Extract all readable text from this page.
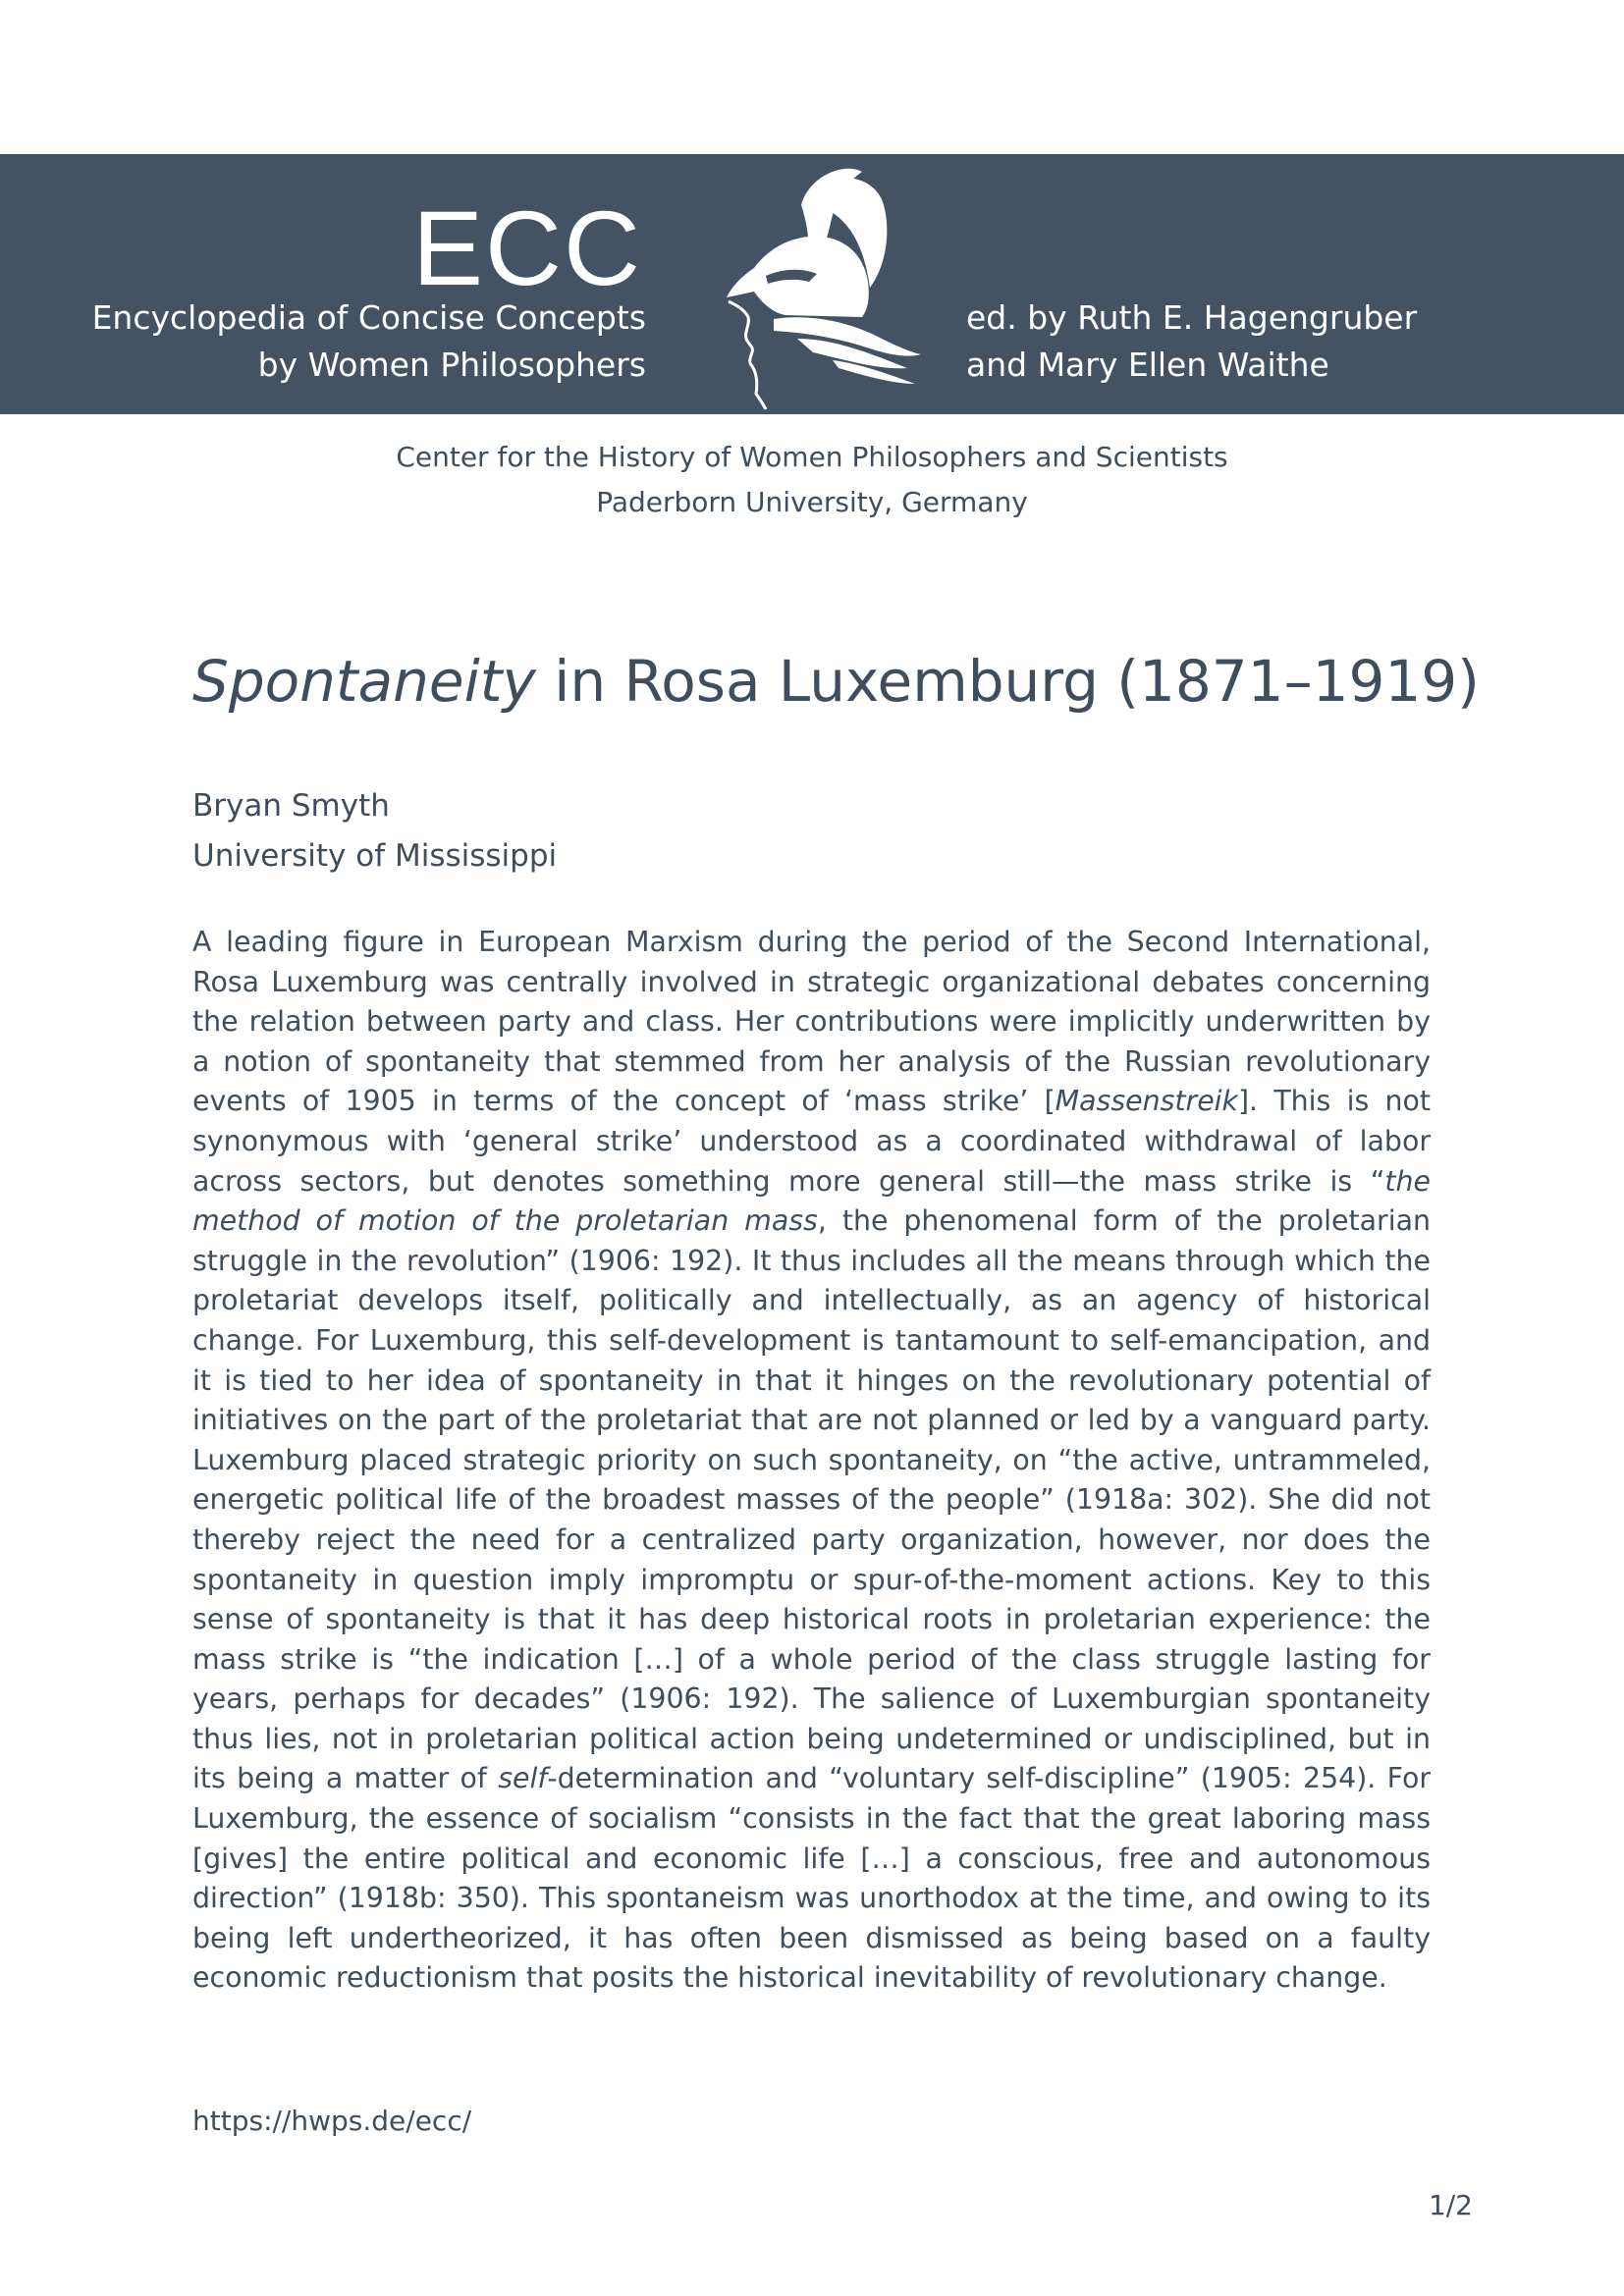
ECC
Encyclopedia of Concise Concepts
by Women Philosophers
ed. by Ruth E. Hagengruber
and Mary Ellen Waithe
Center for the History of Women Philosophers and Scientists
Paderborn University, Germany
Spontaneity in Rosa Luxemburg (1871–1919)
Bryan Smyth
University of Mississippi

A leading figure in European Marxism during the period of the Second International, Rosa Luxemburg was centrally involved in strategic organizational debates concerning the relation between party and class. Her contributions were implicitly underwritten by a notion of spontaneity that stemmed from her analysis of the Russian revolutionary events of 1905 in terms of the concept of ‘mass strike’ [Massenstreik]. This is not synonymous with ‘general strike’ understood as a coordinated withdrawal of labor across sectors, but denotes something more general still—the mass strike is “the method of motion of the proletarian mass, the phenomenal form of the proletarian struggle in the revolution” (1906: 192). It thus includes all the means through which the proletariat develops itself, politically and intellectually, as an agency of historical change. For Luxemburg, this self-development is tantamount to self-emancipation, and it is tied to her idea of spontaneity in that it hinges on the revolutionary potential of initiatives on the part of the proletariat that are not planned or led by a vanguard party. Luxemburg placed strategic priority on such spontaneity, on “the active, untrammeled, energetic political life of the broadest masses of the people” (1918a: 302). She did not thereby reject the need for a centralized party organization, however, nor does the spontaneity in question imply impromptu or spur-of-the-moment actions. Key to this sense of spontaneity is that it has deep historical roots in proletarian experience: the mass strike is “the indication […] of a whole period of the class struggle lasting for years, perhaps for decades” (1906: 192). The salience of Luxemburgian spontaneity thus lies, not in proletarian political action being undetermined or undisciplined, but in its being a matter of self-determination and “voluntary self-discipline” (1905: 254). For Luxemburg, the essence of socialism “consists in the fact that the great laboring mass [gives] the entire political and economic life […] a conscious, free and autonomous direction” (1918b: 350). This spontaneism was unorthodox at the time, and owing to its being left undertheorized, it has often been dismissed as being based on a faulty economic reductionism that posits the historical inevitability of revolutionary change.

https://hwps.de/ecc/
1/2
